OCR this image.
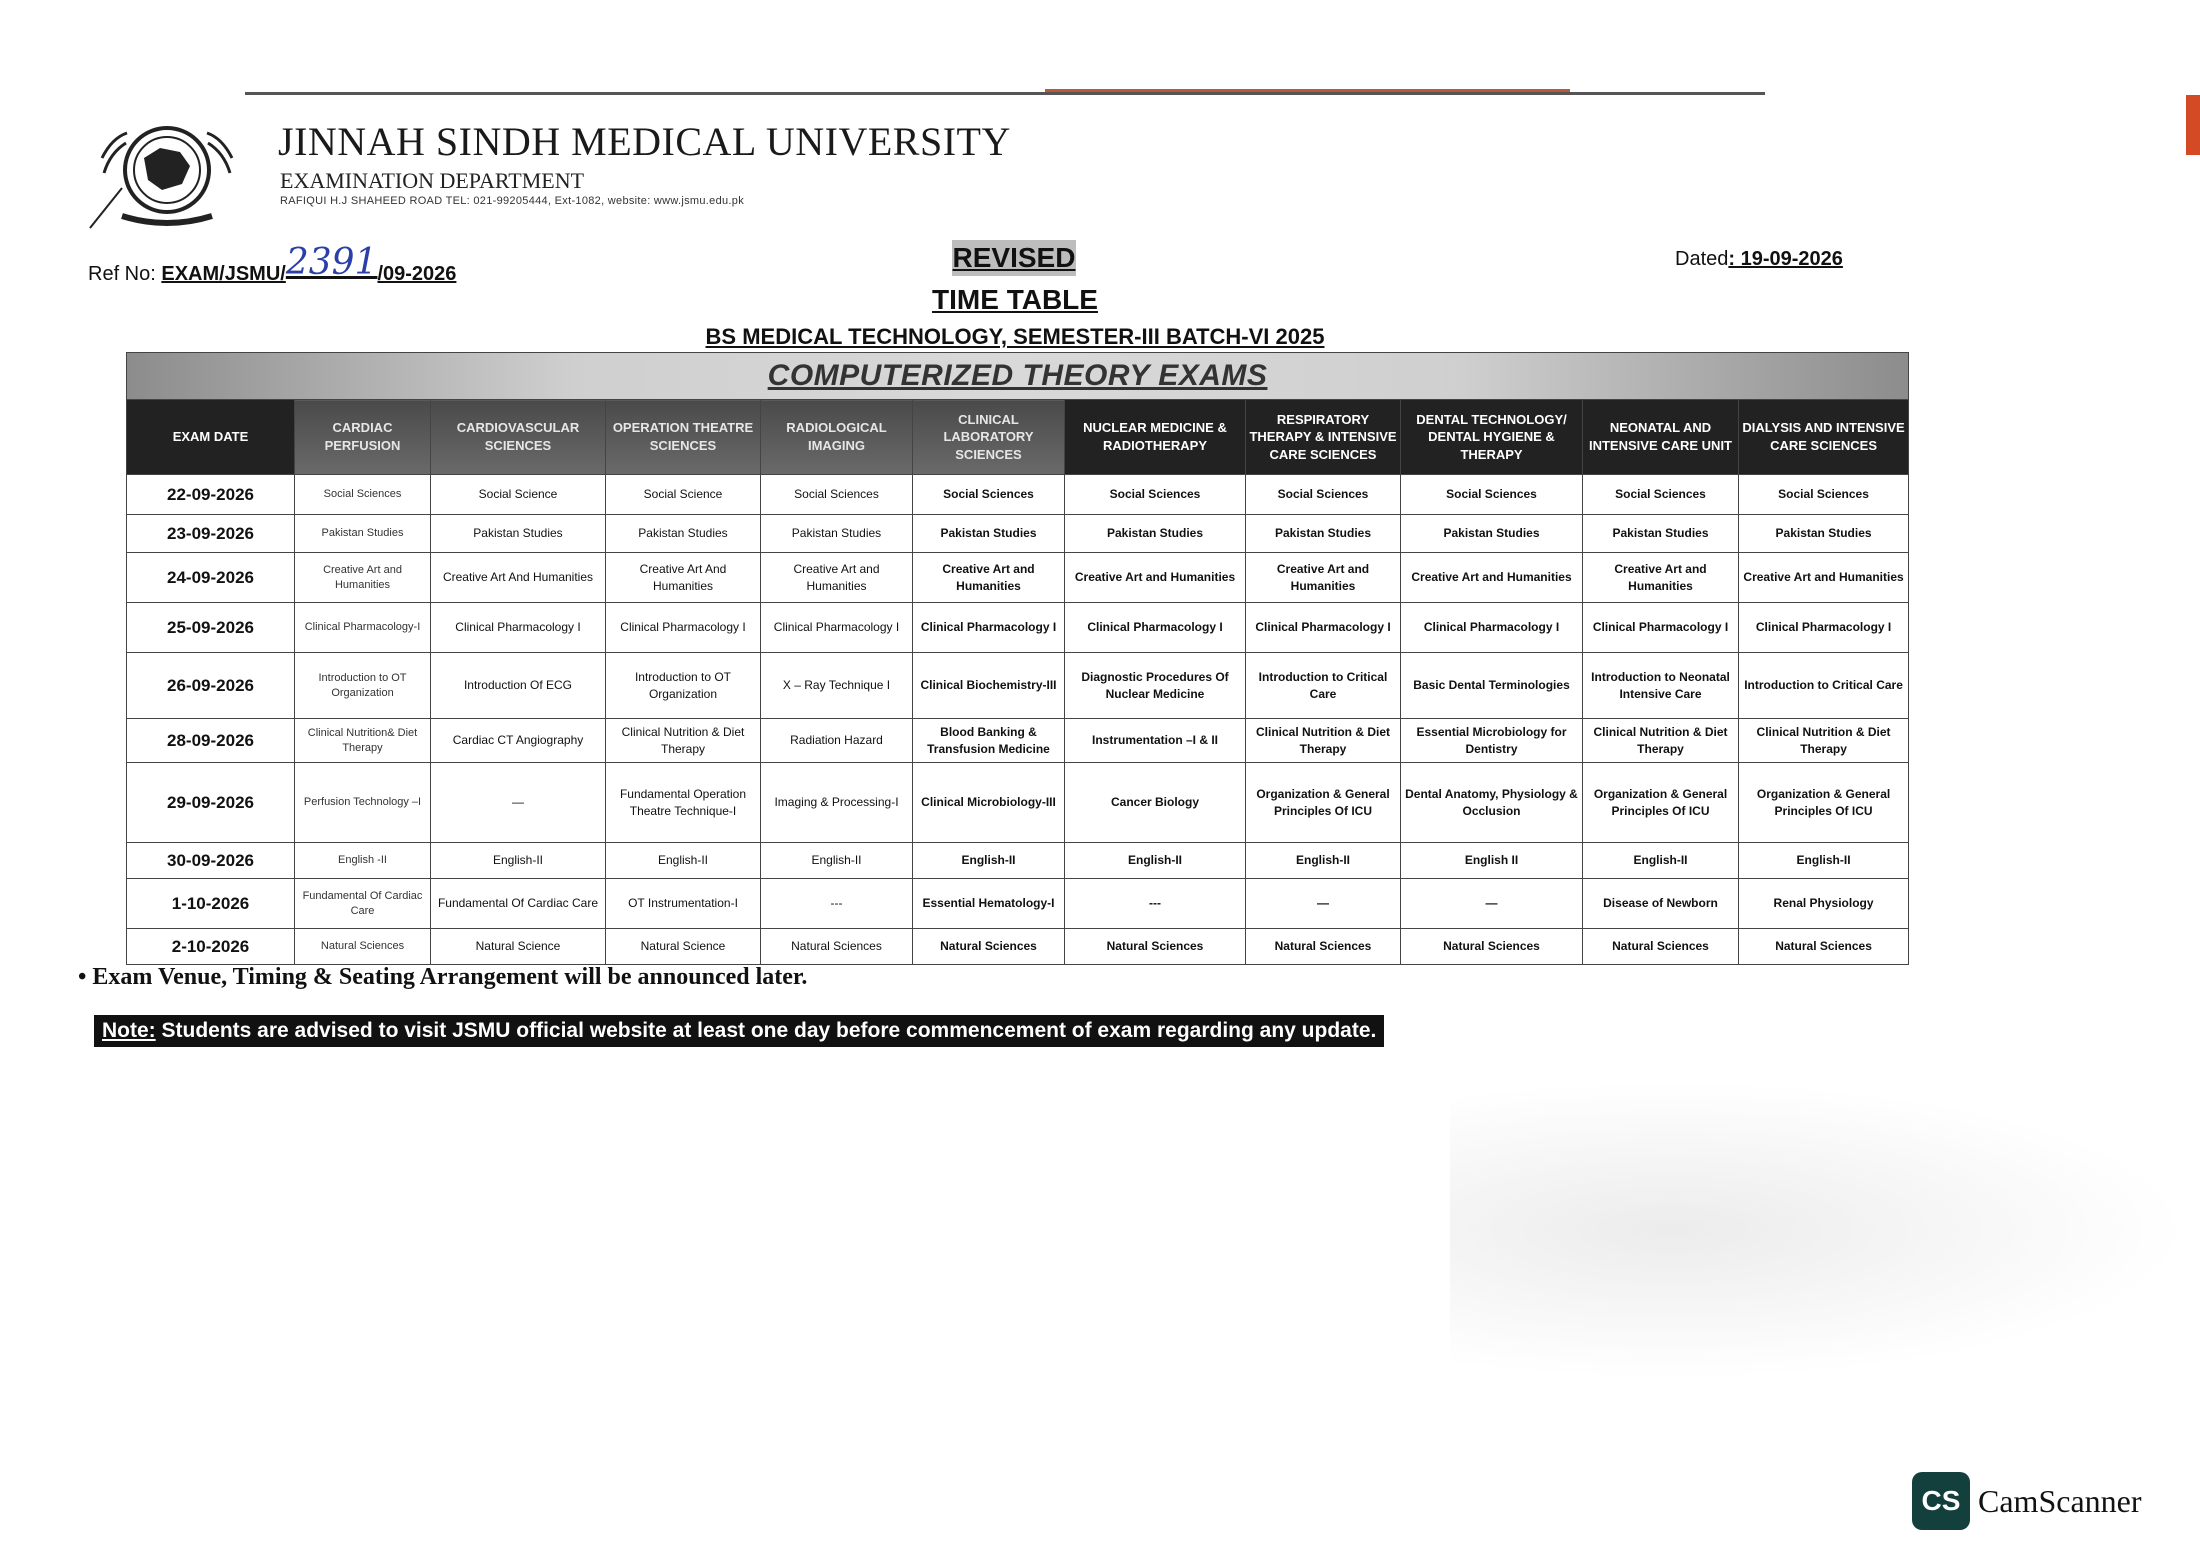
JINNAH SINDH MEDICAL UNIVERSITY
EXAMINATION DEPARTMENT
RAFIQUI H.J SHAHEED ROAD TEL: 021-99205444, Ext-1082, website: www.jsmu.edu.pk
Ref No: EXAM/JSMU/2391/09-2026
Dated: 19-09-2026
REVISED
TIME TABLE
BS MEDICAL TECHNOLOGY, SEMESTER-III BATCH-VI 2025
COMPUTERIZED THEORY EXAMS										
EXAM DATE	CARDIAC PERFUSION	CARDIOVASCULAR SCIENCES	OPERATION THEATRE SCIENCES	RADIOLOGICAL IMAGING	CLINICAL LABORATORY SCIENCES	NUCLEAR MEDICINE & RADIOTHERAPY	RESPIRATORY THERAPY & INTENSIVE CARE SCIENCES	DENTAL TECHNOLOGY/ DENTAL HYGIENE & THERAPY	NEONATAL AND INTENSIVE CARE UNIT	DIALYSIS AND INTENSIVE CARE SCIENCES
22-09-2026	Social Sciences	Social Science	Social Science	Social Sciences	Social Sciences	Social Sciences	Social Sciences	Social Sciences	Social Sciences	Social Sciences
23-09-2026	Pakistan Studies	Pakistan Studies	Pakistan Studies	Pakistan Studies	Pakistan Studies	Pakistan Studies	Pakistan Studies	Pakistan Studies	Pakistan Studies	Pakistan Studies
24-09-2026	Creative Art and Humanities	Creative Art And Humanities	Creative Art And Humanities	Creative Art and Humanities	Creative Art and Humanities	Creative Art and Humanities	Creative Art and Humanities	Creative Art and Humanities	Creative Art and Humanities	Creative Art and Humanities
25-09-2026	Clinical Pharmacology-I	Clinical Pharmacology I	Clinical Pharmacology I	Clinical Pharmacology I	Clinical Pharmacology I	Clinical Pharmacology I	Clinical Pharmacology I	Clinical Pharmacology I	Clinical Pharmacology I	Clinical Pharmacology I
26-09-2026	Introduction to OT Organization	Introduction Of ECG	Introduction to OT Organization	X – Ray Technique I	Clinical Biochemistry-III	Diagnostic Procedures Of Nuclear Medicine	Introduction to Critical Care	Basic Dental Terminologies	Introduction to Neonatal Intensive Care	Introduction to Critical Care
28-09-2026	Clinical Nutrition& Diet Therapy	Cardiac CT Angiography	Clinical Nutrition & Diet Therapy	Radiation Hazard	Blood Banking & Transfusion Medicine	Instrumentation –I & II	Clinical Nutrition & Diet Therapy	Essential Microbiology for Dentistry	Clinical Nutrition & Diet Therapy	Clinical Nutrition & Diet Therapy
29-09-2026	Perfusion Technology –I	—	Fundamental Operation Theatre Technique-I	Imaging & Processing-I	Clinical Microbiology-III	Cancer Biology	Organization & General Principles Of ICU	Dental Anatomy, Physiology & Occlusion	Organization & General Principles Of ICU	Organization & General Principles Of ICU
30-09-2026	English -II	English-II	English-II	English-II	English-II	English-II	English-II	English II	English-II	English-II
1-10-2026	Fundamental Of Cardiac Care	Fundamental Of Cardiac Care	OT Instrumentation-I	---	Essential Hematology-I	---	—	—	Disease of Newborn	Renal Physiology
2-10-2026	Natural Sciences	Natural Science	Natural Science	Natural Sciences	Natural Sciences	Natural Sciences	Natural Sciences	Natural Sciences	Natural Sciences	Natural Sciences
• Exam Venue, Timing & Seating Arrangement will be announced later.
Note: Students are advised to visit JSMU official website at least one day before commencement of exam regarding any update.
CS CamScanner
